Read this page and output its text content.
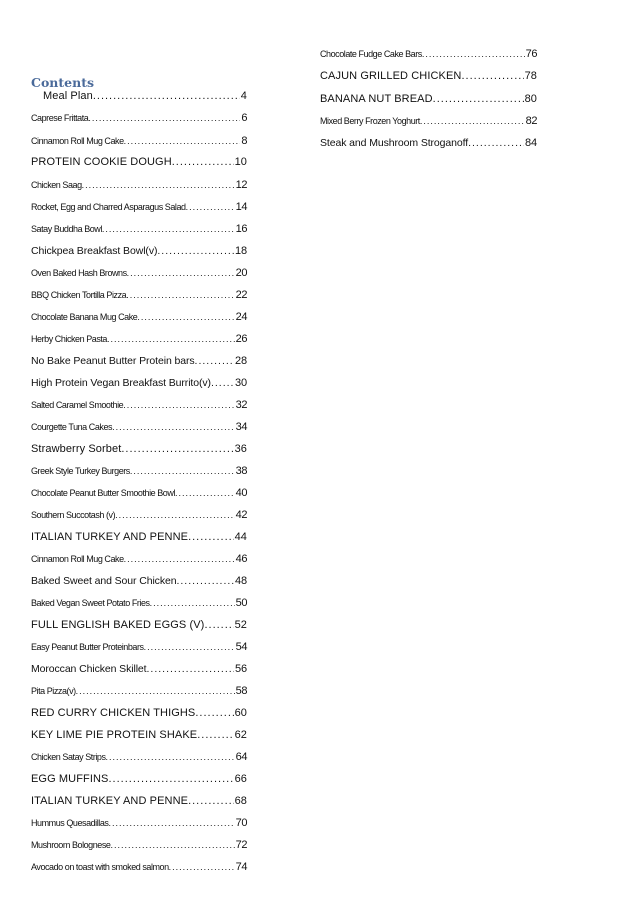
Contents
Meal Plan .....	4
Caprese Frittata .....	6
Cinnamon Roll Mug Cake .....	8
PROTEIN COOKIE DOUGH .....	10
Chicken Saag .....	12
Rocket, Egg and Charred Asparagus Salad .....	14
Satay Buddha Bowl .....	16
Chickpea Breakfast Bowl(v) .....	18
Oven Baked Hash Browns .....	20
BBQ Chicken Tortilla Pizza .....	22
Chocolate Banana Mug Cake .....	24
Herby Chicken Pasta .....	26
No Bake Peanut Butter Protein bars .....	28
High Protein Vegan Breakfast Burrito(v) ..... 30
Salted Caramel Smoothie .....	32
Courgette Tuna Cakes .....	34
Strawberry Sorbet .....	36
Greek Style Turkey Burgers .....	38
Chocolate Peanut Butter Smoothie Bowl .....	40
Southern Succotash (v) .....	42
ITALIAN TURKEY AND PENNE .....	44
Cinnamon Roll Mug Cake .....	46
Baked Sweet and Sour Chicken .....	48
Baked Vegan Sweet Potato Fries .....	50
FULL ENGLISH BAKED EGGS (V) .....	52
Easy Peanut Butter Proteinbars .....	54
Moroccan Chicken Skillet .....	56
Pita Pizza(v) .....	58
RED CURRY CHICKEN THIGHS .....	60
KEY LIME PIE PROTEIN SHAKE .....	62
Chicken Satay Strips .....	64
EGG MUFFINS .....	66
ITALIAN TURKEY AND PENNE .....	68
Hummus Quesadillas .....	70
Mushroom Bolognese .....	72
Avocado on toast with smoked salmon .....	74
Chocolate Fudge Cake Bars .....	76
CAJUN GRILLED CHICKEN .....	78
BANANA NUT BREAD .....	80
Mixed Berry Frozen Yoghurt .....	82
Steak and Mushroom Stroganoff .....	84
